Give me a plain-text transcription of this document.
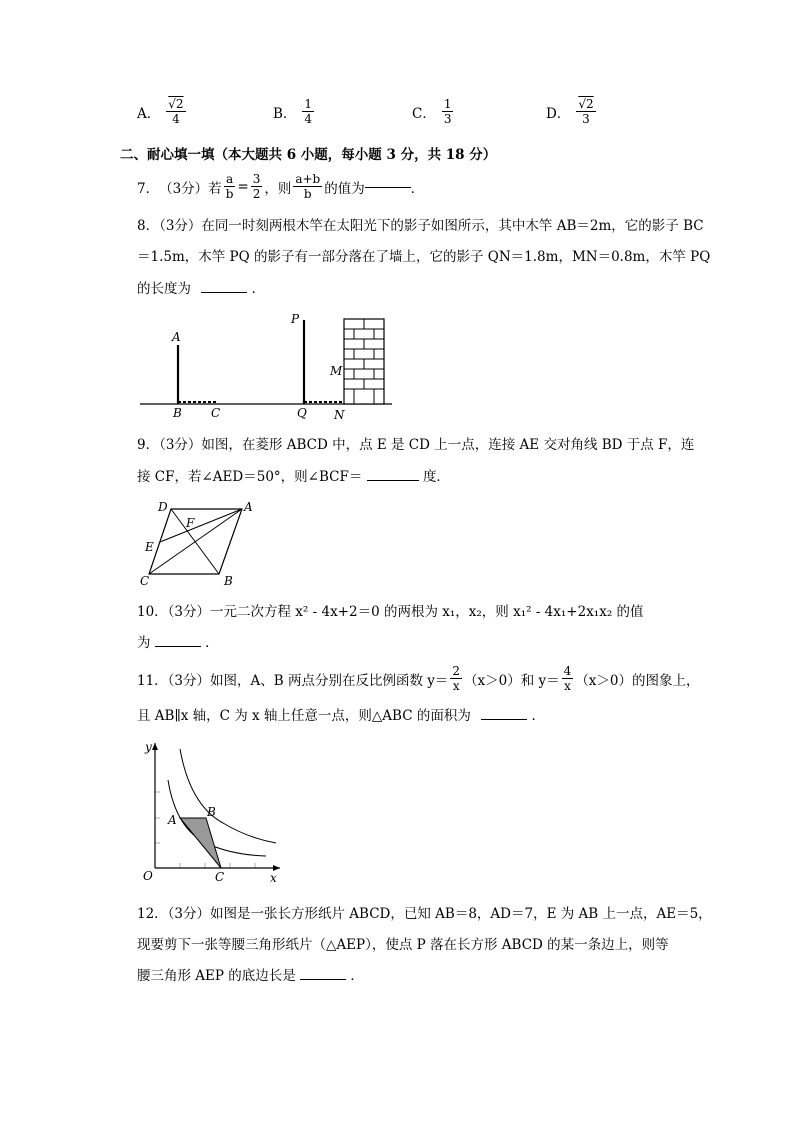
A． $\frac{√2}{4}$	B． $\frac{1}{4}$	C． $\frac{1}{3}$	D． $\frac{√2}{3}$
二、耐心填一填（本大题共 6 小题，每小题 3 分，共 18 分）
7． （3分）若 $\frac{a}{b} = \frac{3}{2}$ ，则 $\frac{a+b}{b}$ 的值为	．
8．（3分）在同一时刻两根木竿在太阳光下的影子如图所示，其中木竿 AB＝2m，它的影子 BC
＝1.5m，木竿 PQ 的影子有一部分落在了墙上，它的影子 QN＝1.8m，MN＝0.8m，木竿 PQ
的长度为	．
A
B C
P
Q
M
N
9．（3分）如图，在菱形 ABCD 中，点 E 是 CD 上一点，连接 AE 交对角线 BD 于点 F，连
接 CF，若∠AED＝50°，则∠BCF＝	度．
D	A
F
E
C	B
10．（3分）一元二次方程 x² - 4x+2＝0 的两根为 x₁，x₂，则 x₁² - 4x₁+2x₁x₂ 的值
为	．
11．（3分）如图，A、B 两点分别在反比例函数 $y= \frac{2}{x} (x>0)$和 $y= \frac{4}{x} (x>0)$的图象上，
且 AB∥x 轴，C 为 x 轴上任意一点，则△ABC 的面积为	．
y
x
O
A
B
C
12．（3分）如图是一张长方形纸片 ABCD，已知 AB＝8，AD＝7，E 为 AB 上一点，AE＝5，
现要剪下一张等腰三角形纸片（△AEP），使点 P 落在长方形 ABCD 的某一条边上，则等
腰三角形 AEP 的底边长是	．
